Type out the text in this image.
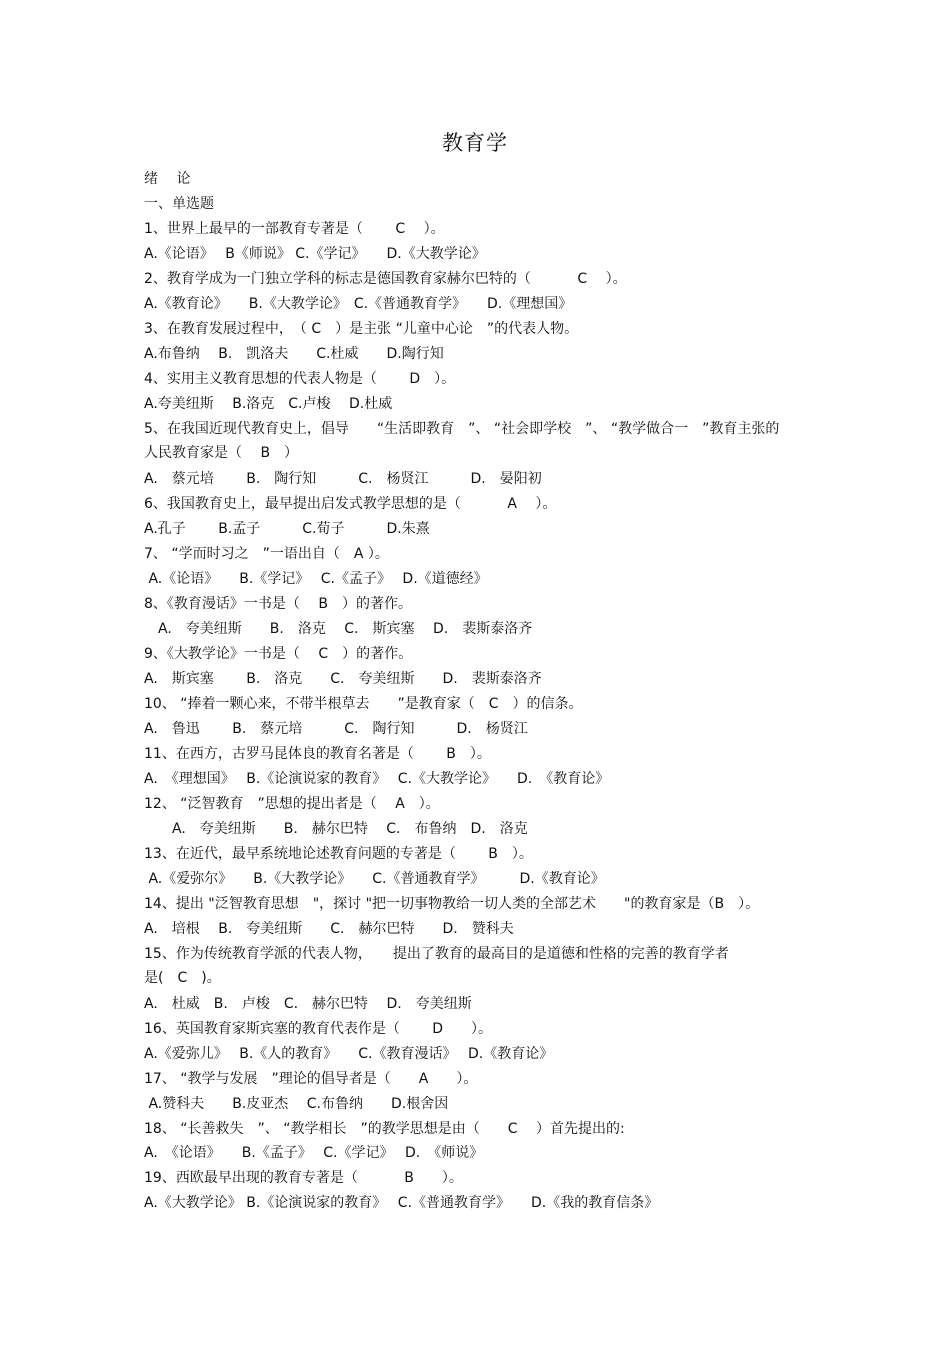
教育学
绪　 论
一、单选题
1、世界上最早的一部教育专著是（　　 C 　）。
A.《论语》　 B《师说》 C.《学记》　　D.《大教学论》
2、教育学成为一门独立学科的标志是德国教育家赫尔巴特的（　　　 C 　）。
A.《教育论》　　B.《大教学论》　C.《普通教育学》　　D.《理想国》
3、在教育发展过程中，　（ C　）是主张 “儿童中心论　”的代表人物。
A.布鲁纳　 B.　凯洛夫　　C.杜威　　D.陶行知
4、实用主义教育思想的代表人物是（　　 D　）。
A.夸美纽斯　 B.洛克　C.卢梭　 D.杜威
5、在我国近现代教育史上，倡导　　“生活即教育　”、 “社会即学校　”、 “教学做合一　”教育主张的
人民教育家是（　 B　）
A.　蔡元培　　 B.　陶行知　　　C.　杨贤江　　　D.　晏阳初
6、我国教育史上，最早提出启发式教学思想的是（　　　 A　 ）。
A.孔子　　 B.孟子　　　C.荀子　　　D.朱熹
7、 “学而时习之　”一语出自（　A ）。
A.《论语》　　B.《学记》　 C.《孟子》　 D.《道德经》
8、《教育漫话》一书是（　 B　）的著作。
　A.　夸美纽斯　　B.　洛克　 C.　斯宾塞　 D.　裴斯泰洛齐
9、《大教学论》一书是（　 C　）的著作。
A.　斯宾塞　　 B.　洛克　　C.　夸美纽斯　　D.　裴斯泰洛齐
10、 “捧着一颗心来，不带半根草去　　”是教育家（　C　）的信条。
A.　鲁迅　　 B.　蔡元培　　　C.　陶行知　　　D.　杨贤江
11、在西方，古罗马昆体良的教育名著是（　　 B　）。
A.　《理想国》　 B.《论演说家的教育》　 C.《大教学论》　　D.　《教育论》
12、 “泛智教育　”思想的提出者是（　 A　）。
　　A.　夸美纽斯　　B.　赫尔巴特　 C.　布鲁纳　D.　洛克
13、在近代，最早系统地论述教育问题的专著是（　　 B　）。
A.《爱弥尔》　　B.《大教学论》　　C.《普通教育学》　　　D.《教育论》
14、提出 "泛智教育思想　"，探讨 "把一切事物教给一切人类的全部艺术　　"的教育家是（B　）。
A.　培根　 B.　夸美纽斯　　C.　赫尔巴特　　D.　赞科夫
15、作为传统教育学派的代表人物，　　提出了教育的最高目的是道德和性格的完善的教育学者
是(　C　)。
A.　杜威　B.　卢梭　C.　赫尔巴特　 D.　夸美纽斯
16、英国教育家斯宾塞的教育代表作是（　　 D　　）。
A.《爱弥儿》　 B.《人的教育》　　C.《教育漫话》　 D.《教育论》
17、 “教学与发展　”理论的倡导者是（　　A　　）。
A.赞科夫　　B.皮亚杰　 C.布鲁纳　　D.根舍因
18、 “长善救失　”、 “教学相长　”的教学思想是由（　　C　 ）首先提出的:
A.　《论语》　　B.《孟子》　 C.《学记》　 D.　《师说》
19、西欧最早出现的教育专著是（　　　 B　　）。
A.《大教学论》 B.《论演说家的教育》　 C.《普通教育学》　　D.《我的教育信条》
